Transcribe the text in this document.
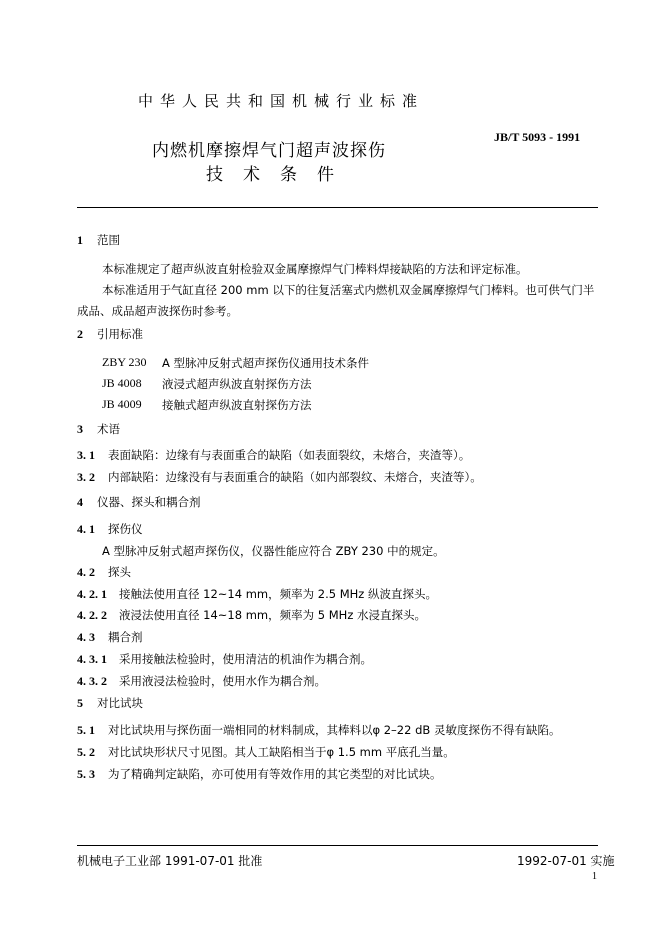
中华人民共和国机械行业标准
内燃机摩擦焊气门超声波探伤
技术条件
JB/T 5093 - 1991
1 范围
本标准规定了超声纵波直射检验双金属摩擦焊气门棒料焊接缺陷的方法和评定标准。
本标准适用于气缸直径 200 mm 以下的往复活塞式内燃机双金属摩擦焊气门棒料。也可供气门半
成品、成品超声波探伤时参考。
2 引用标准
ZBY 230 A 型脉冲反射式超声探伤仪通用技术条件
JB 4008 液浸式超声纵波直射探伤方法
JB 4009 接触式超声纵波直射探伤方法
3 术语
3. 1 表面缺陷：边缘有与表面重合的缺陷（如表面裂纹，未熔合，夹渣等）。
3. 2 内部缺陷：边缘没有与表面重合的缺陷（如内部裂纹、未熔合，夹渣等）。
4 仪器、探头和耦合剂
4. 1 探伤仪
A 型脉冲反射式超声探伤仪，仪器性能应符合 ZBY 230 中的规定。
4. 2 探头
4. 2. 1 接触法使用直径 12~14 mm，频率为 2.5 MHz 纵波直探头。
4. 2. 2 液浸法使用直径 14~18 mm，频率为 5 MHz 水浸直探头。
4. 3 耦合剂
4. 3. 1 采用接触法检验时，使用清洁的机油作为耦合剂。
4. 3. 2 采用液浸法检验时，使用水作为耦合剂。
5 对比试块
5. 1 对比试块用与探伤面一端相同的材料制成，其棒料以φ 2–22 dB 灵敏度探伤不得有缺陷。
5. 2 对比试块形状尺寸见图。其人工缺陷相当于φ 1.5 mm 平底孔当量。
5. 3 为了精确判定缺陷，亦可使用有等效作用的其它类型的对比试块。
机械电子工业部 1991-07-01 批准	1992-07-01 实施
1
